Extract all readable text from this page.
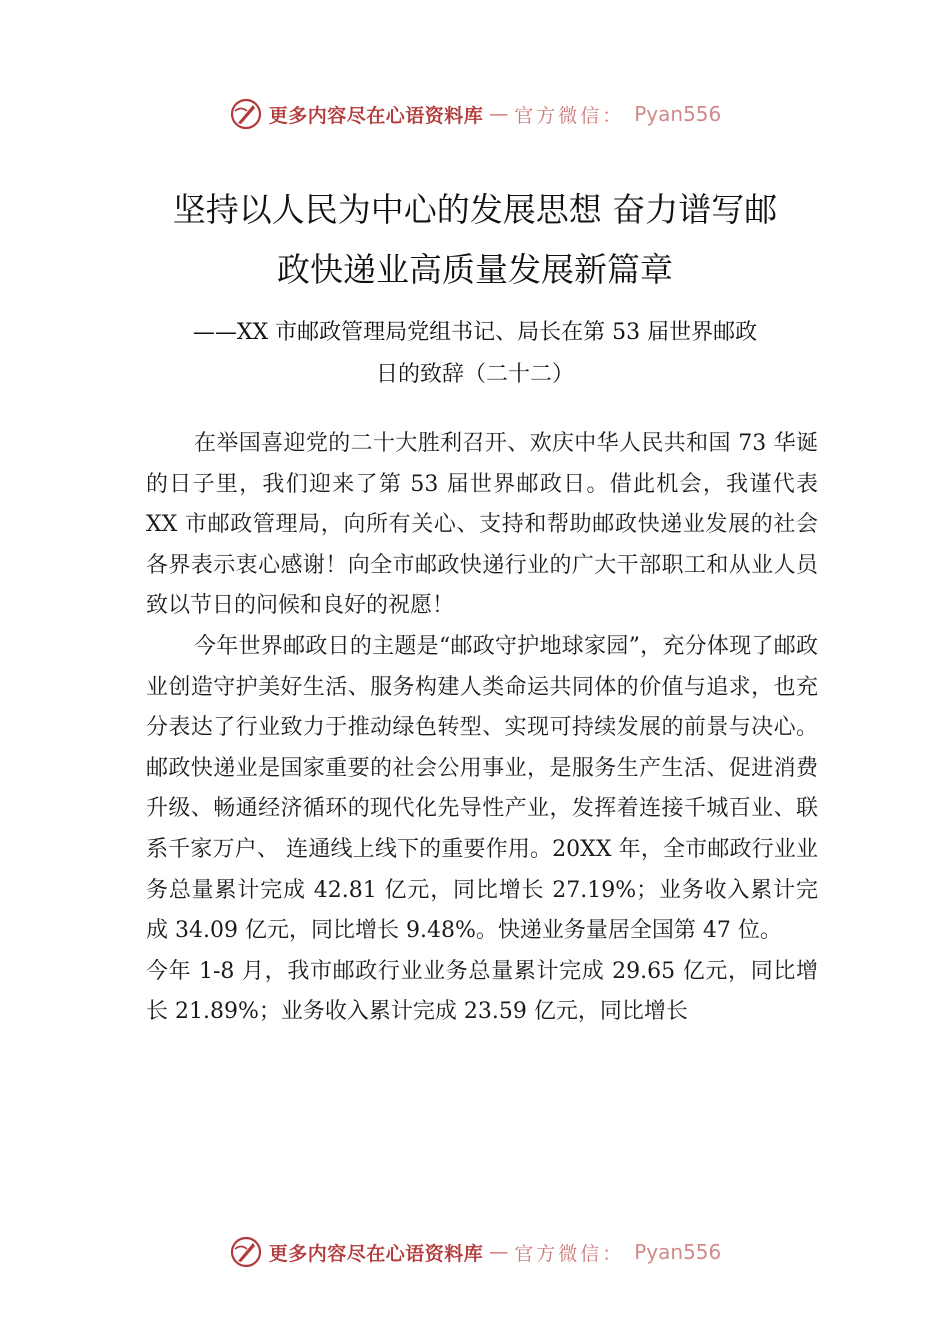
更多内容尽在心语资料库 — 官方微信： Pyan556
坚持以人民为中心的发展思想 奋力谱写邮
政快递业高质量发展新篇章
——XX 市邮政管理局党组书记、局长在第 53 届世界邮政
日的致辞（二十二）

在举国喜迎党的二十大胜利召开、欢庆中华人民共和国 73 华诞的日子里，我们迎来了第 53 届世界邮政日。借此机会，我谨代表 XX 市邮政管理局，向所有关心、支持和帮助邮政快递业发展的社会各界表示衷心感谢！向全市邮政快递行业的广大干部职工和从业人员致以节日的问候和良好的祝愿！

今年世界邮政日的主题是“邮政守护地球家园”，充分体现了邮政业创造守护美好生活、服务构建人类命运共同体的价值与追求，也充分表达了行业致力于推动绿色转型、实现可持续发展的前景与决心。邮政快递业是国家重要的社会公用事业，是服务生产生活、促进消费升级、畅通经济循环的现代化先导性产业，发挥着连接千城百业、联系千家万户、 连通线上线下的重要作用。20XX 年，全市邮政行业业务总量累计完成 42.81 亿元，同比增长 27.19%；业务收入累计完成 34.09 亿元，同比增长 9.48%。快递业务量居全国第 47 位。

今年 1-8 月，我市邮政行业业务总量累计完成 29.65 亿元，同比增长 21.89%；业务收入累计完成 23.59 亿元，同比增长

更多内容尽在心语资料库 — 官方微信： Pyan556
